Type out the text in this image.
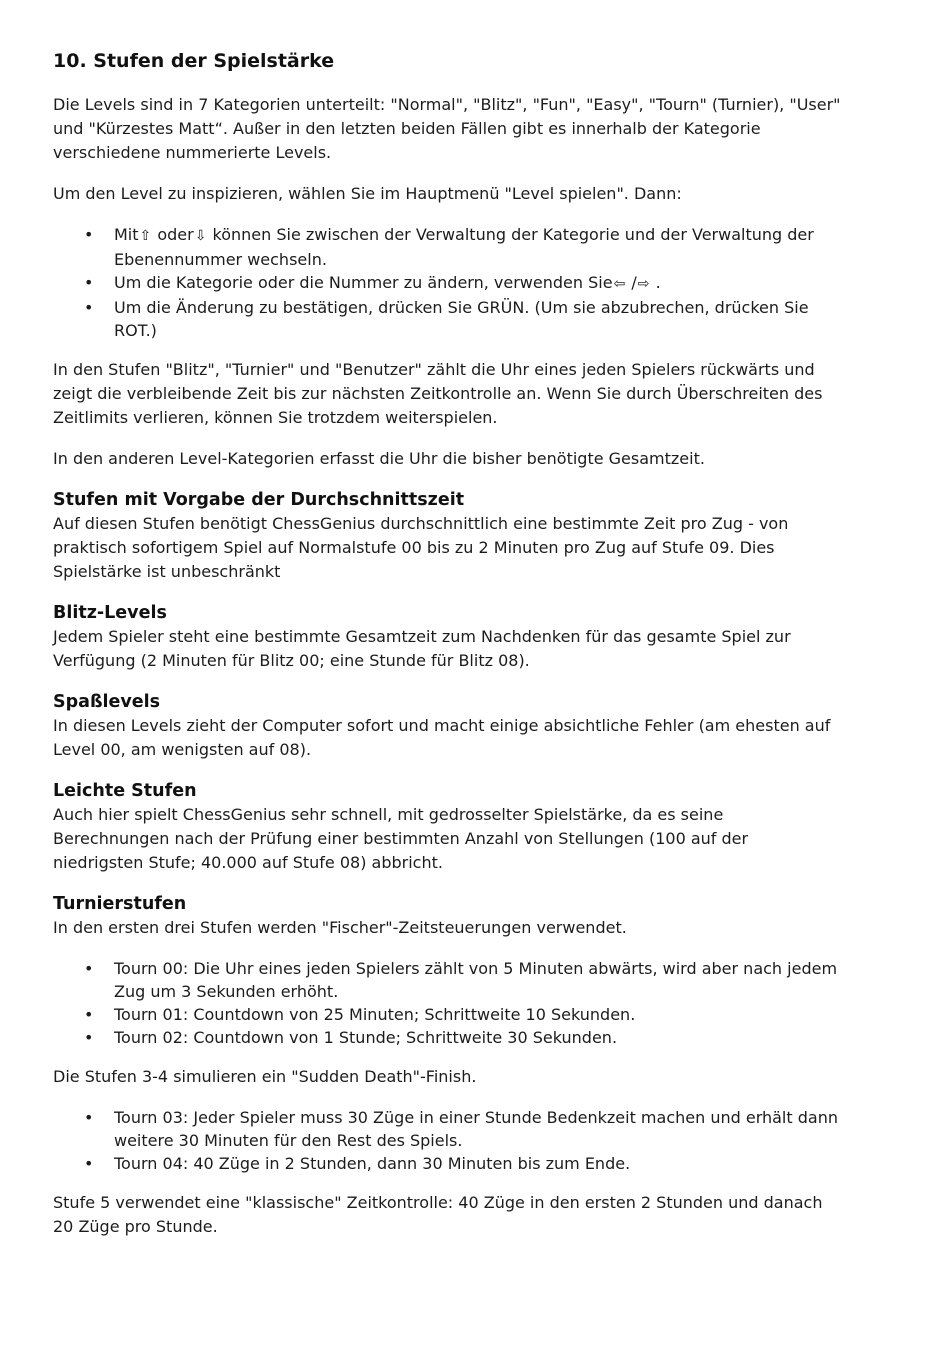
10. Stufen der Spielstärke

Die Levels sind in 7 Kategorien unterteilt: "Normal", "Blitz", "Fun", "Easy", "Tourn" (Turnier), "User" und "Kürzestes Matt“. Außer in den letzten beiden Fällen gibt es innerhalb der Kategorie verschiedene nummerierte Levels.

Um den Level zu inspizieren, wählen Sie im Hauptmenü "Level spielen". Dann:

• Mit⇧ oder⇩ können Sie zwischen der Verwaltung der Kategorie und der Verwaltung der Ebenennummer wechseln.
• Um die Kategorie oder die Nummer zu ändern, verwenden Sie⇦ /⇨ .
• Um die Änderung zu bestätigen, drücken Sie GRÜN. (Um sie abzubrechen, drücken Sie ROT.)

In den Stufen "Blitz", "Turnier" und "Benutzer" zählt die Uhr eines jeden Spielers rückwärts und zeigt die verbleibende Zeit bis zur nächsten Zeitkontrolle an. Wenn Sie durch Überschreiten des Zeitlimits verlieren, können Sie trotzdem weiterspielen.

In den anderen Level-Kategorien erfasst die Uhr die bisher benötigte Gesamtzeit.

Stufen mit Vorgabe der Durchschnittszeit

Auf diesen Stufen benötigt ChessGenius durchschnittlich eine bestimmte Zeit pro Zug - von praktisch sofortigem Spiel auf Normalstufe 00 bis zu 2 Minuten pro Zug auf Stufe 09. Dies Spielstärke ist unbeschränkt

Blitz-Levels

Jedem Spieler steht eine bestimmte Gesamtzeit zum Nachdenken für das gesamte Spiel zur Verfügung (2 Minuten für Blitz 00; eine Stunde für Blitz 08).

Spaßlevels

In diesen Levels zieht der Computer sofort und macht einige absichtliche Fehler (am ehesten auf Level 00, am wenigsten auf 08).

Leichte Stufen

Auch hier spielt ChessGenius sehr schnell, mit gedrosselter Spielstärke, da es seine Berechnungen nach der Prüfung einer bestimmten Anzahl von Stellungen (100 auf der niedrigsten Stufe; 40.000 auf Stufe 08) abbricht.

Turnierstufen

In den ersten drei Stufen werden "Fischer"-Zeitsteuerungen verwendet.

• Tourn 00: Die Uhr eines jeden Spielers zählt von 5 Minuten abwärts, wird aber nach jedem Zug um 3 Sekunden erhöht.
• Tourn 01: Countdown von 25 Minuten; Schrittweite 10 Sekunden.
• Tourn 02: Countdown von 1 Stunde; Schrittweite 30 Sekunden.

Die Stufen 3-4 simulieren ein "Sudden Death"-Finish.

• Tourn 03: Jeder Spieler muss 30 Züge in einer Stunde Bedenkzeit machen und erhält dann weitere 30 Minuten für den Rest des Spiels.
• Tourn 04: 40 Züge in 2 Stunden, dann 30 Minuten bis zum Ende.

Stufe 5 verwendet eine "klassische" Zeitkontrolle: 40 Züge in den ersten 2 Stunden und danach 20 Züge pro Stunde.
